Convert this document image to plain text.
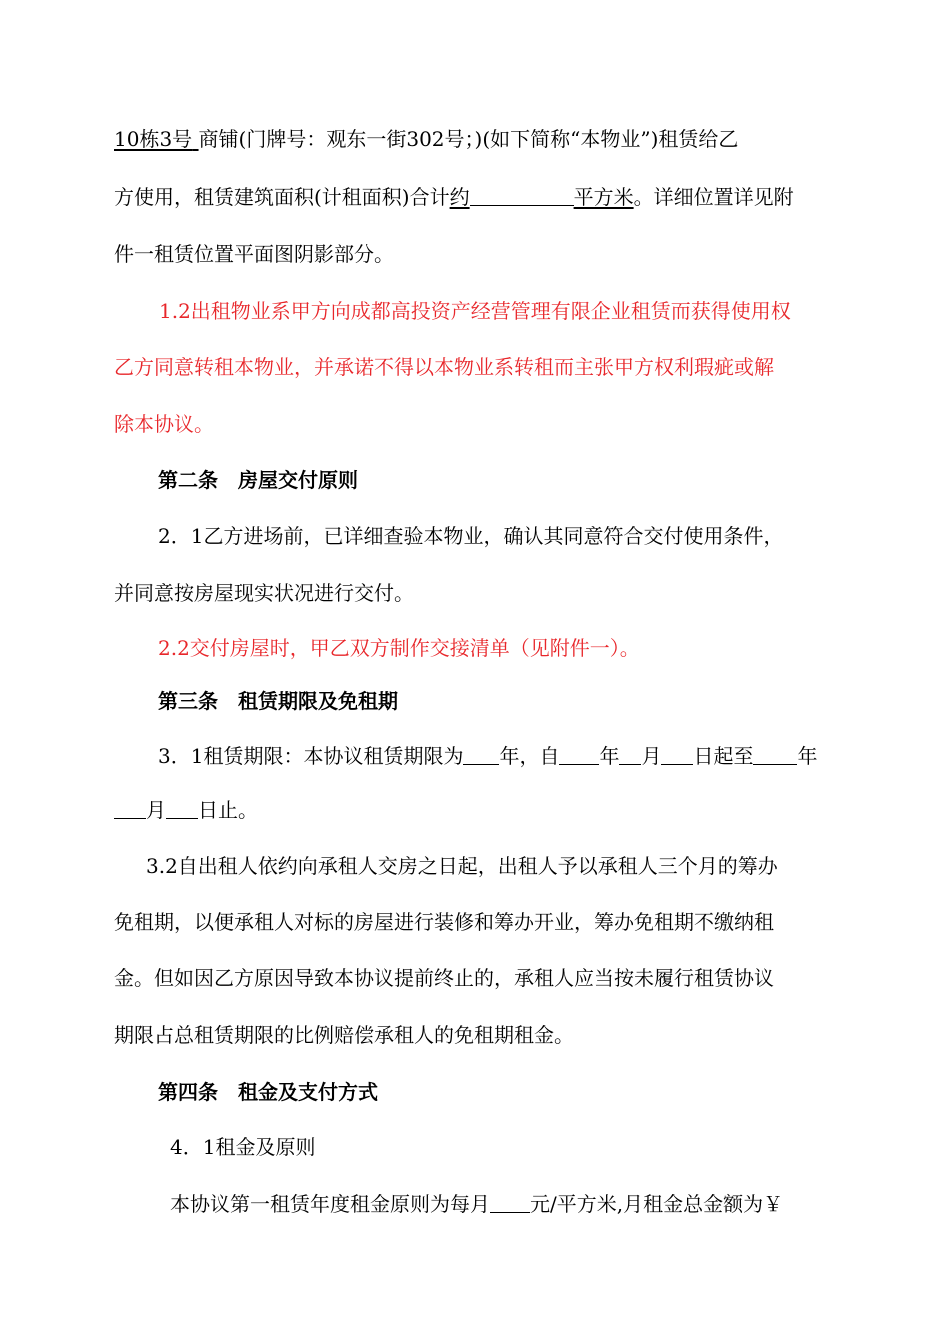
10栋3号 商铺(门牌号：观东一街302号；)(如下简称“本物业”)租赁给乙
方使用，租赁建筑面积(计租面积)合计约	平方米。详细位置详见附
件一租赁位置平面图阴影部分。
1.2出租物业系甲方向成都高投资产经营管理有限企业租赁而获得使用权
乙方同意转租本物业，并承诺不得以本物业系转租而主张甲方权利瑕疵或解
除本协议。
第二条　房屋交付原则
2．1乙方进场前，已详细查验本物业，确认其同意符合交付使用条件，
并同意按房屋现实状况进行交付。
2.2交付房屋时，甲乙双方制作交接清单（见附件一）。
第三条　租赁期限及免租期
3．1租赁期限：本协议租赁期限为 年，自 年 月 日起至 年
月 日止。
3.2自出租人依约向承租人交房之日起，出租人予以承租人三个月的筹办
免租期，以便承租人对标的房屋进行装修和筹办开业，筹办免租期不缴纳租
金。但如因乙方原因导致本协议提前终止的，承租人应当按未履行租赁协议
期限占总租赁期限的比例赔偿承租人的免租期租金。
第四条　租金及支付方式
4．1租金及原则
本协议第一租赁年度租金原则为每月 元/平方米,月租金总金额为￥
